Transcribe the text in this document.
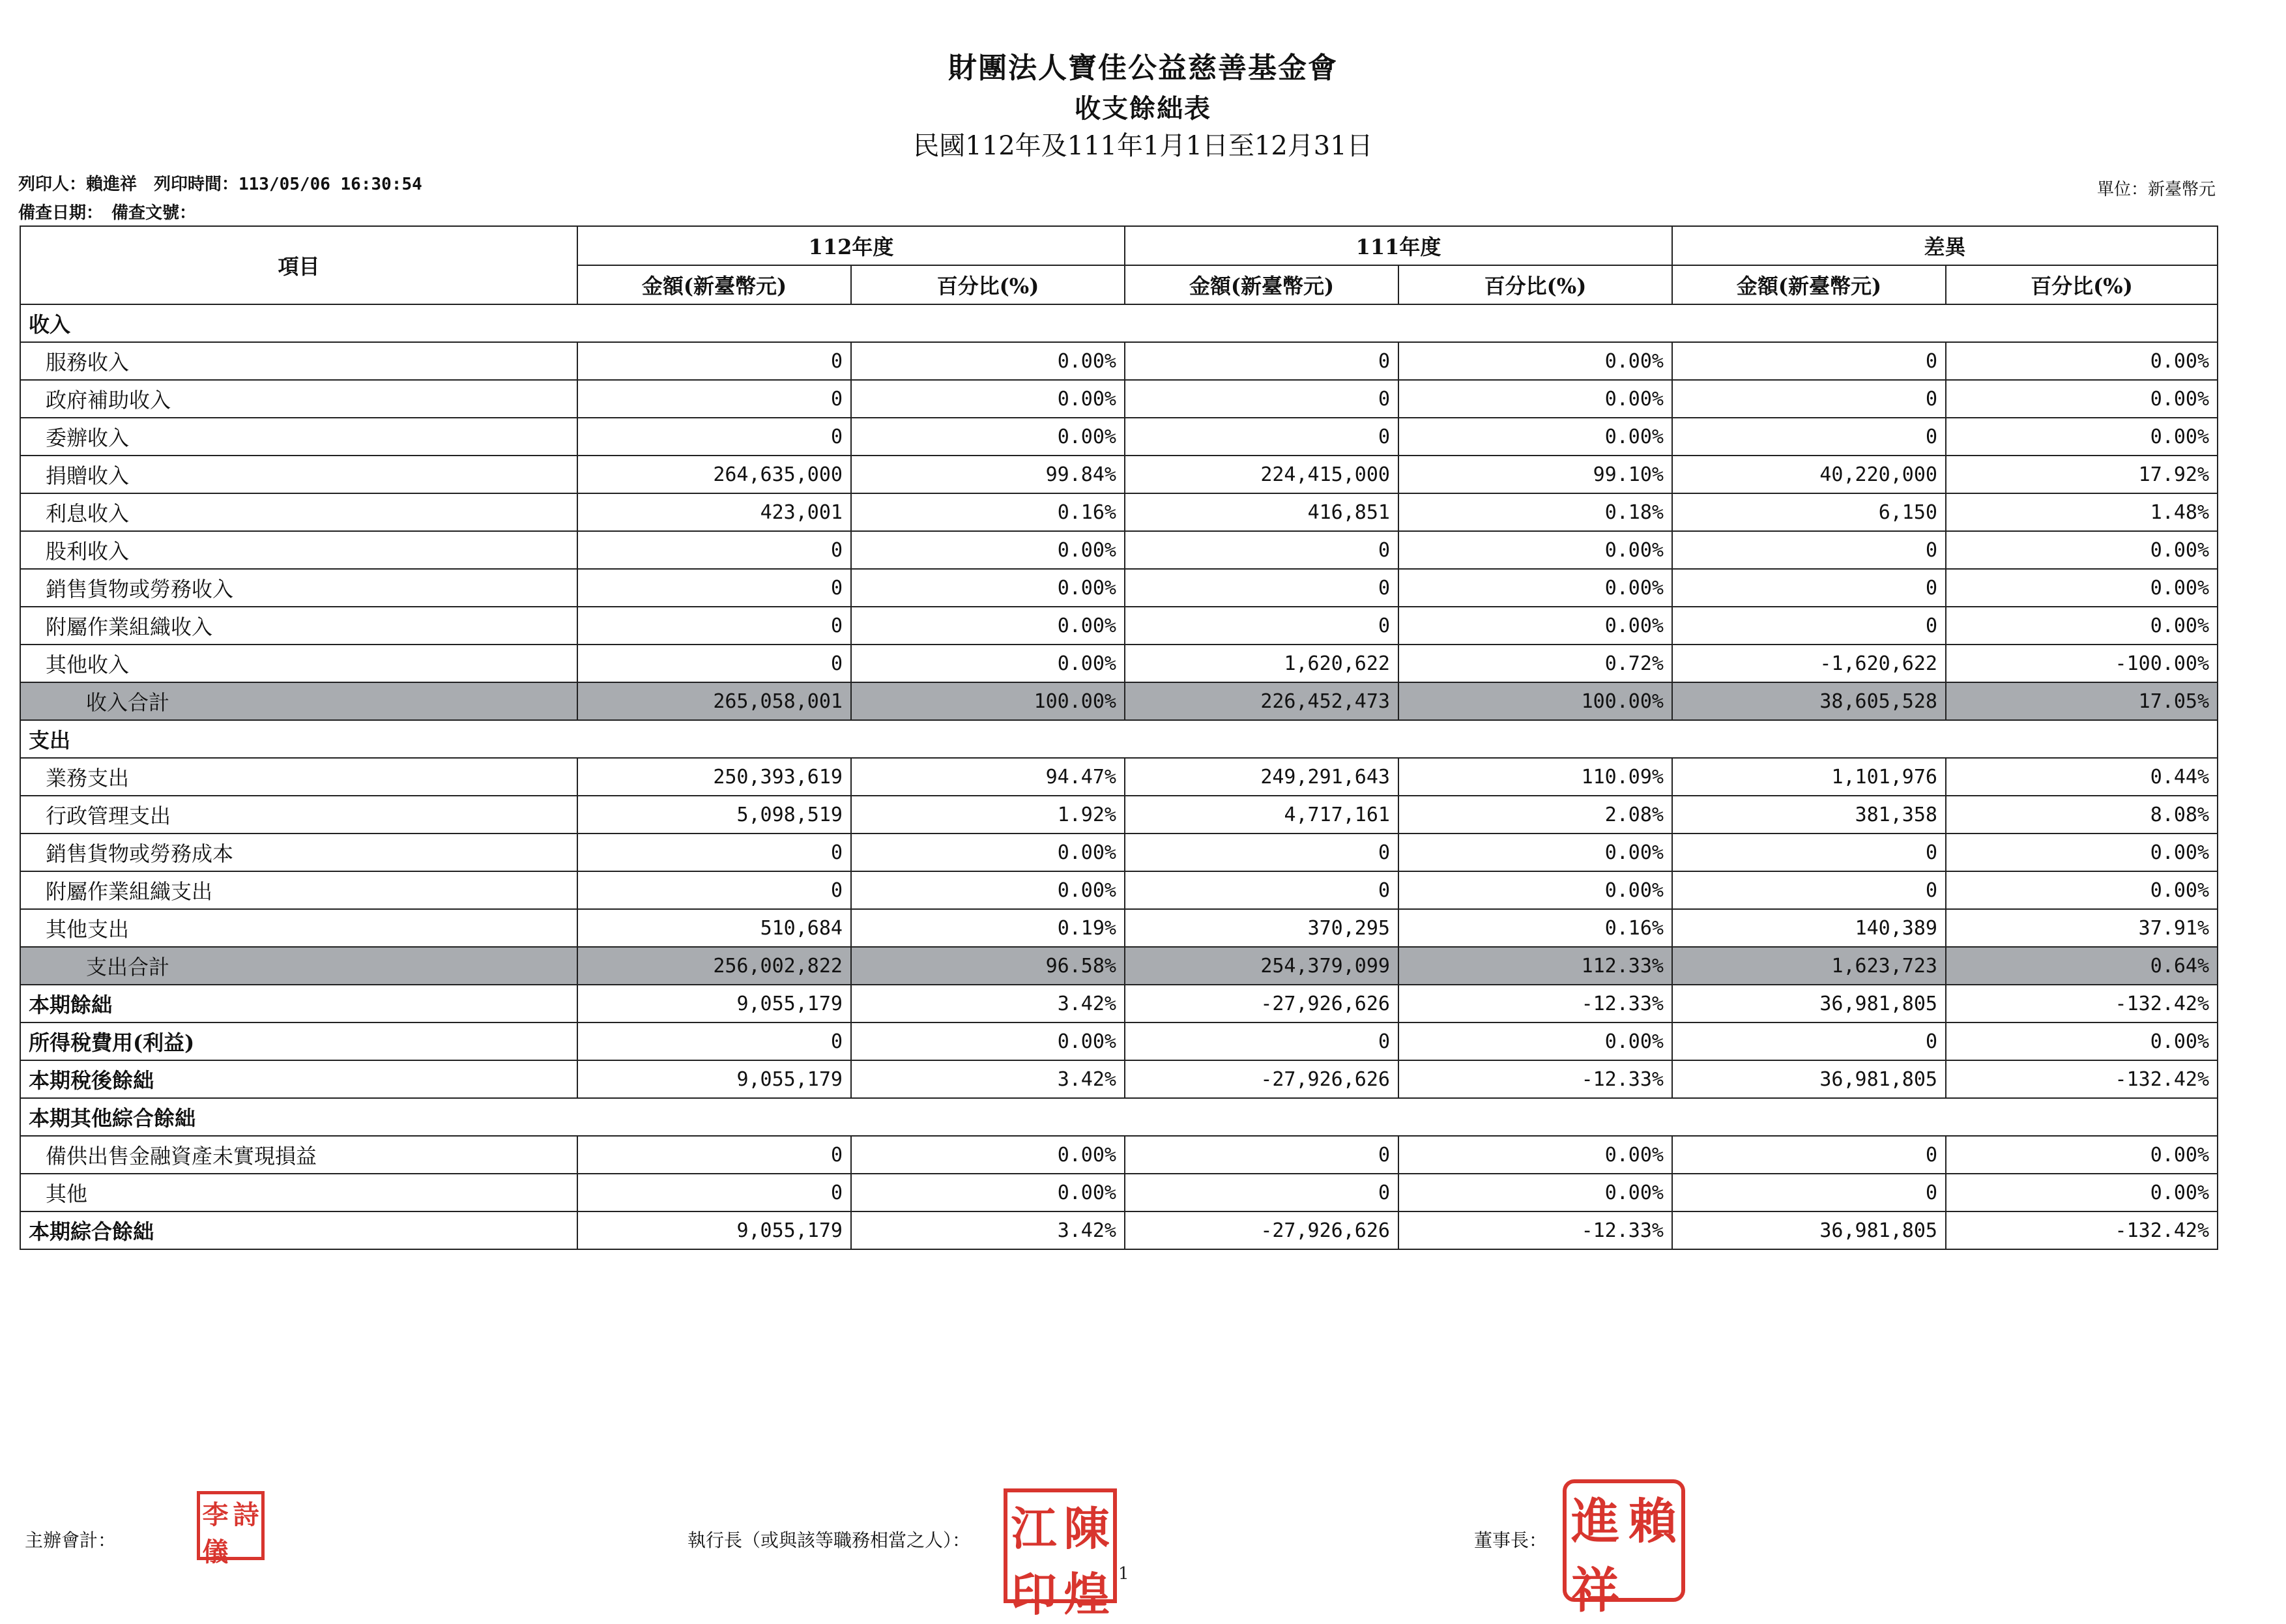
財團法人寶佳公益慈善基金會
收支餘絀表
民國112年及111年1月1日至12月31日
列印人：賴進祥　列印時間：113/05/06 16:30:54
備查日期：　備查文號：
單位：新臺幣元
項目	112年度		111年度		差異	
	金額(新臺幣元)	百分比(%)	金額(新臺幣元)	百分比(%)	金額(新臺幣元)	百分比(%)
收入						
服務收入	0	0.00%	0	0.00%	0	0.00%
政府補助收入	0	0.00%	0	0.00%	0	0.00%
委辦收入	0	0.00%	0	0.00%	0	0.00%
捐贈收入	264,635,000	99.84%	224,415,000	99.10%	40,220,000	17.92%
利息收入	423,001	0.16%	416,851	0.18%	6,150	1.48%
股利收入	0	0.00%	0	0.00%	0	0.00%
銷售貨物或勞務收入	0	0.00%	0	0.00%	0	0.00%
附屬作業組織收入	0	0.00%	0	0.00%	0	0.00%
其他收入	0	0.00%	1,620,622	0.72%	-1,620,622	-100.00%
收入合計	265,058,001	100.00%	226,452,473	100.00%	38,605,528	17.05%
支出						
業務支出	250,393,619	94.47%	249,291,643	110.09%	1,101,976	0.44%
行政管理支出	5,098,519	1.92%	4,717,161	2.08%	381,358	8.08%
銷售貨物或勞務成本	0	0.00%	0	0.00%	0	0.00%
附屬作業組織支出	0	0.00%	0	0.00%	0	0.00%
其他支出	510,684	0.19%	370,295	0.16%	140,389	37.91%
支出合計	256,002,822	96.58%	254,379,099	112.33%	1,623,723	0.64%
本期餘絀	9,055,179	3.42%	-27,926,626	-12.33%	36,981,805	-132.42%
所得稅費用(利益)	0	0.00%	0	0.00%	0	0.00%
本期稅後餘絀	9,055,179	3.42%	-27,926,626	-12.33%	36,981,805	-132.42%
本期其他綜合餘絀						
備供出售金融資產未實現損益	0	0.00%	0	0.00%	0	0.00%
其他	0	0.00%	0	0.00%	0	0.00%
本期綜合餘絀	9,055,179	3.42%	-27,926,626	-12.33%	36,981,805	-132.42%
主辦會計：	執行長（或與該等職務相當之人）：	董事長：
李 詩
儀	江 陳
印 煌 1
進 賴
祥
